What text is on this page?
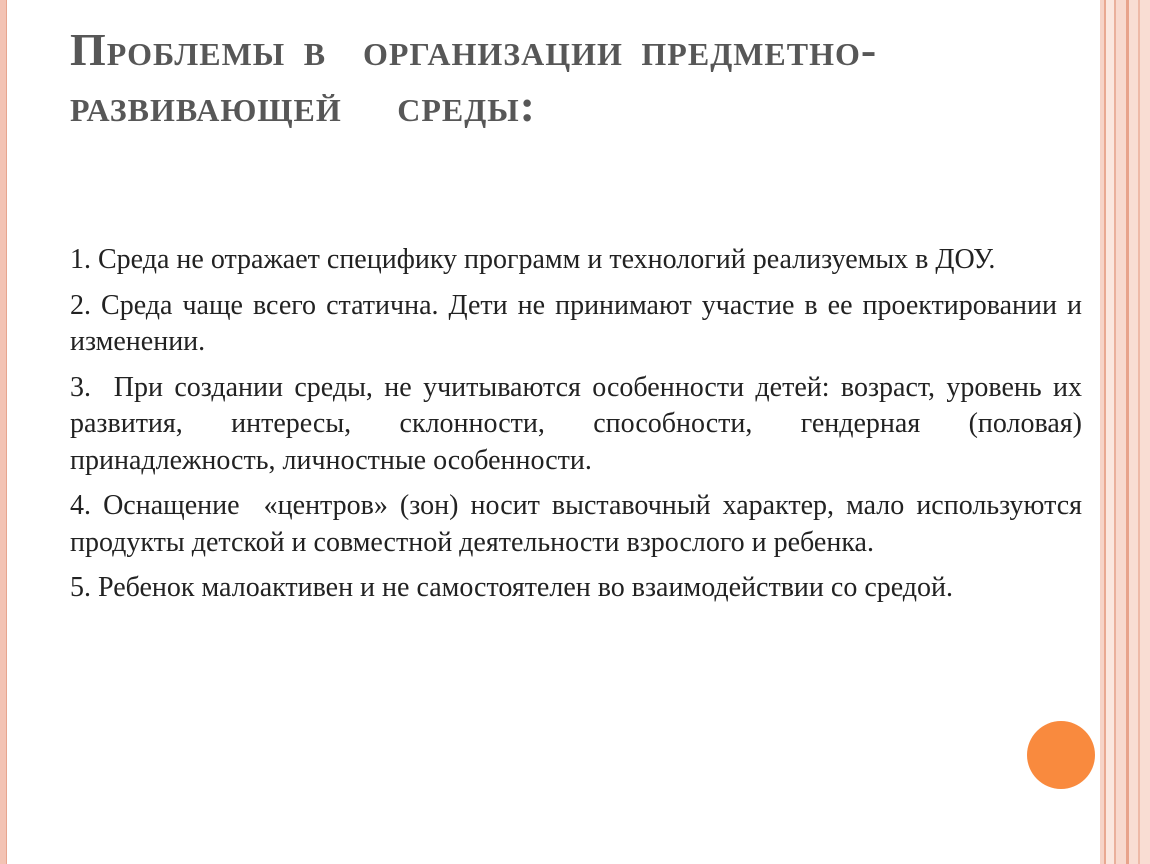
Проблемы в  организации предметно-развивающей   среды:

1. Среда не отражает специфику программ и технологий реализуемых в ДОУ.

2. Среда чаще всего статична. Дети не принимают участие в ее проектировании и изменении.

3.  При создании среды, не учитываются особенности детей: возраст, уровень их развития, интересы, склонности, способности, гендерная (половая) принадлежность, личностные особенности.

4. Оснащение  «центров» (зон) носит выставочный характер, мало используются продукты детской и совместной деятельности взрослого и ребенка.

5. Ребенок малоактивен и не самостоятелен во взаимодействии со средой.
